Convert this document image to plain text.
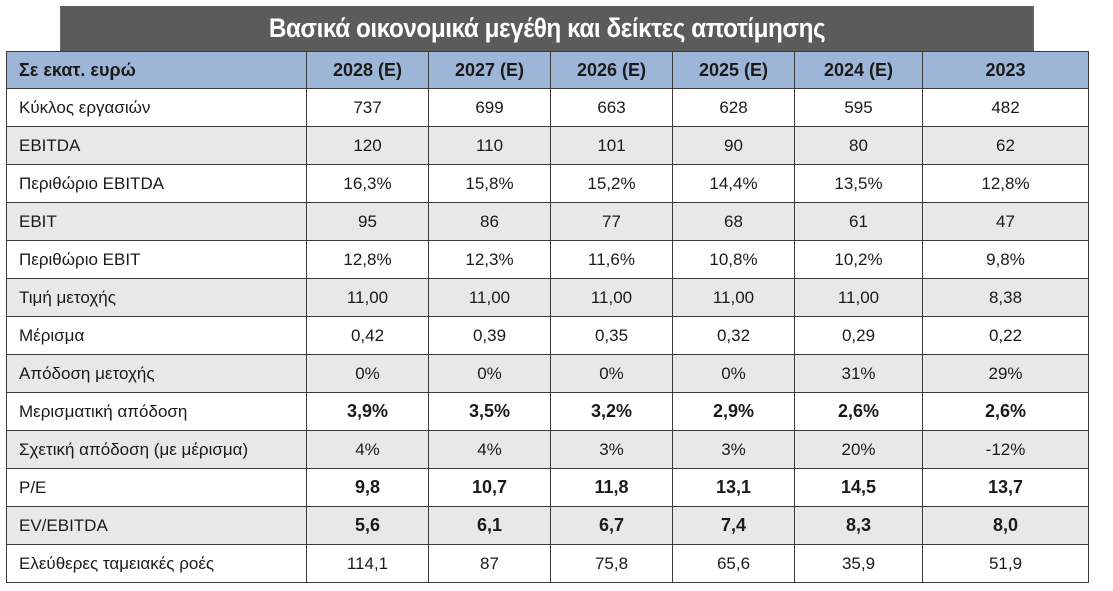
Βασικά οικονομικά μεγέθη και δείκτες αποτίμησης
Σε εκατ. ευρώ	2028 (E)	2027 (E)	2026 (E)	2025 (E)	2024 (E)	2023
Κύκλος εργασιών	737	699	663	628	595	482
EBITDA	120	110	101	90	80	62
Περιθώριο EBITDA	16,3%	15,8%	15,2%	14,4%	13,5%	12,8%
EBIT	95	86	77	68	61	47
Περιθώριο EBIT	12,8%	12,3%	11,6%	10,8%	10,2%	9,8%
Τιμή μετοχής	11,00	11,00	11,00	11,00	11,00	8,38
Μέρισμα	0,42	0,39	0,35	0,32	0,29	0,22
Απόδοση μετοχής	0%	0%	0%	0%	31%	29%
Μερισματική απόδοση	3,9%	3,5%	3,2%	2,9%	2,6%	2,6%
Σχετική απόδοση (με μέρισμα)	4%	4%	3%	3%	20%	-12%
P/E	9,8	10,7	11,8	13,1	14,5	13,7
EV/EBITDA	5,6	6,1	6,7	7,4	8,3	8,0
Ελεύθερες ταμειακές ροές	114,1	87	75,8	65,6	35,9	51,9
